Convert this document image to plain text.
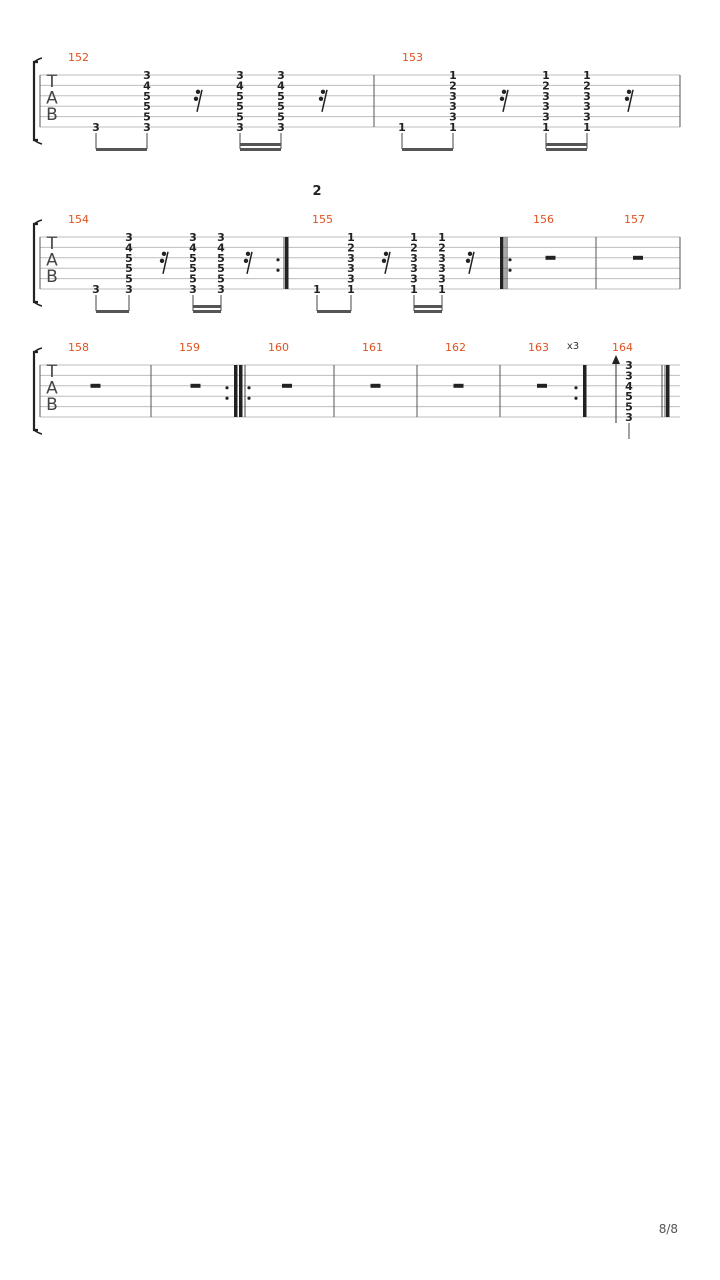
T
A
B
152	153
T
A
B
154	155	156	157
T
A
B
158	159	160	161	162	163	164
3
3
4
5
5
5
3
3
4
5
5
5
3
3
4
5
5
5
3	1
1
2
3
3
3
1
1
2
3
3
3
1
1
2
3
3
3
1
3
3
4
5
5
5
3
3
4
5
5
5
3
3
4
5
5
5
3	1
1
2
3
3
3
1
1
2
3
3
3
1
1
2
3
3
3
1
3
3
4
5
5
3
2
x3
8/8
